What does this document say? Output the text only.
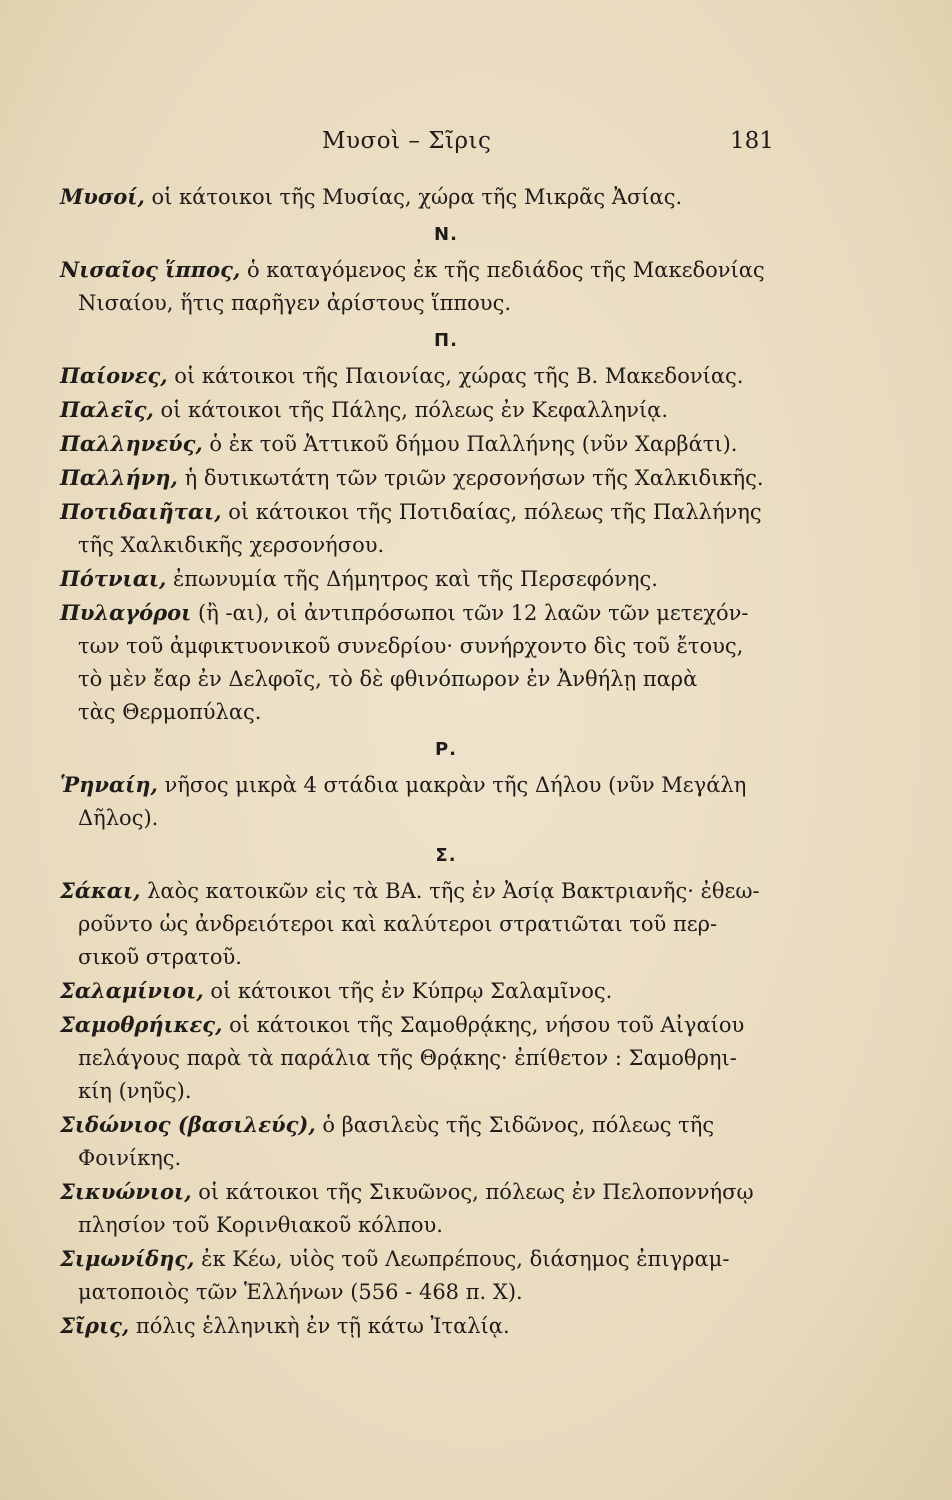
Μυσοὶ – Σῖρις	181

Μυσοί, οἱ κάτοικοι τῆς Μυσίας, χώρα τῆς Μικρᾶς Ἀσίας.

Ν.

Νισαῖος ἵππος, ὁ καταγόμενος ἐκ τῆς πεδιάδος τῆς Μακεδονίας
Νισαίου, ἥτις παρῆγεν ἀρίστους ἵππους.

Π.

Παίονες, οἱ κάτοικοι τῆς Παιονίας, χώρας τῆς Β. Μακεδονίας.

Παλεῖς, οἱ κάτοικοι τῆς Πάλης, πόλεως ἐν Κεφαλληνίᾳ.

Παλληνεύς, ὁ ἐκ τοῦ Ἀττικοῦ δήμου Παλλήνης (νῦν Χαρβάτι).

Παλλήνη, ἡ δυτικωτάτη τῶν τριῶν χερσονήσων τῆς Χαλκιδικῆς.

Ποτιδαιῆται, οἱ κάτοικοι τῆς Ποτιδαίας, πόλεως τῆς Παλλήνης
τῆς Χαλκιδικῆς χερσονήσου.

Πότνιαι, ἐπωνυμία τῆς Δήμητρος καὶ τῆς Περσεφόνης.

Πυλαγόροι (ἢ -αι), οἱ ἀντιπρόσωποι τῶν 12 λαῶν τῶν μετεχόν-
των τοῦ ἀμφικτυονικοῦ συνεδρίου· συνήρχοντο δὶς τοῦ ἔτους,
τὸ μὲν ἔαρ ἐν Δελφοῖς, τὸ δὲ φθινόπωρον ἐν Ἀνθήλῃ παρὰ
τὰς Θερμοπύλας.

Ρ.

Ῥηναίη, νῆσος μικρὰ 4 στάδια μακρὰν τῆς Δήλου (νῦν Μεγάλη
Δῆλος).

Σ.

Σάκαι, λαὸς κατοικῶν εἰς τὰ ΒΑ. τῆς ἐν Ἀσίᾳ Βακτριανῆς· ἐθεω-
ροῦντο ὡς ἀνδρειότεροι καὶ καλύτεροι στρατιῶται τοῦ περ-
σικοῦ στρατοῦ.

Σαλαμίνιοι, οἱ κάτοικοι τῆς ἐν Κύπρῳ Σαλαμῖνος.

Σαμοθρήικες, οἱ κάτοικοι τῆς Σαμοθρᾴκης, νήσου τοῦ Αἰγαίου
πελάγους παρὰ τὰ παράλια τῆς Θρᾴκης· ἐπίθετον : Σαμοθρηι-
κίη (νηῦς).

Σιδώνιος (βασιλεύς), ὁ βασιλεὺς τῆς Σιδῶνος, πόλεως τῆς
Φοινίκης.

Σικυώνιοι, οἱ κάτοικοι τῆς Σικυῶνος, πόλεως ἐν Πελοποννήσῳ
πλησίον τοῦ Κορινθιακοῦ κόλπου.

Σιμωνίδης, ἐκ Κέω, υἱὸς τοῦ Λεωπρέπους, διάσημος ἐπιγραμ-
ματοποιὸς τῶν Ἑλλήνων (556 - 468 π. Χ).

Σῖρις, πόλις ἑλληνικὴ ἐν τῇ κάτω Ἰταλίᾳ.
